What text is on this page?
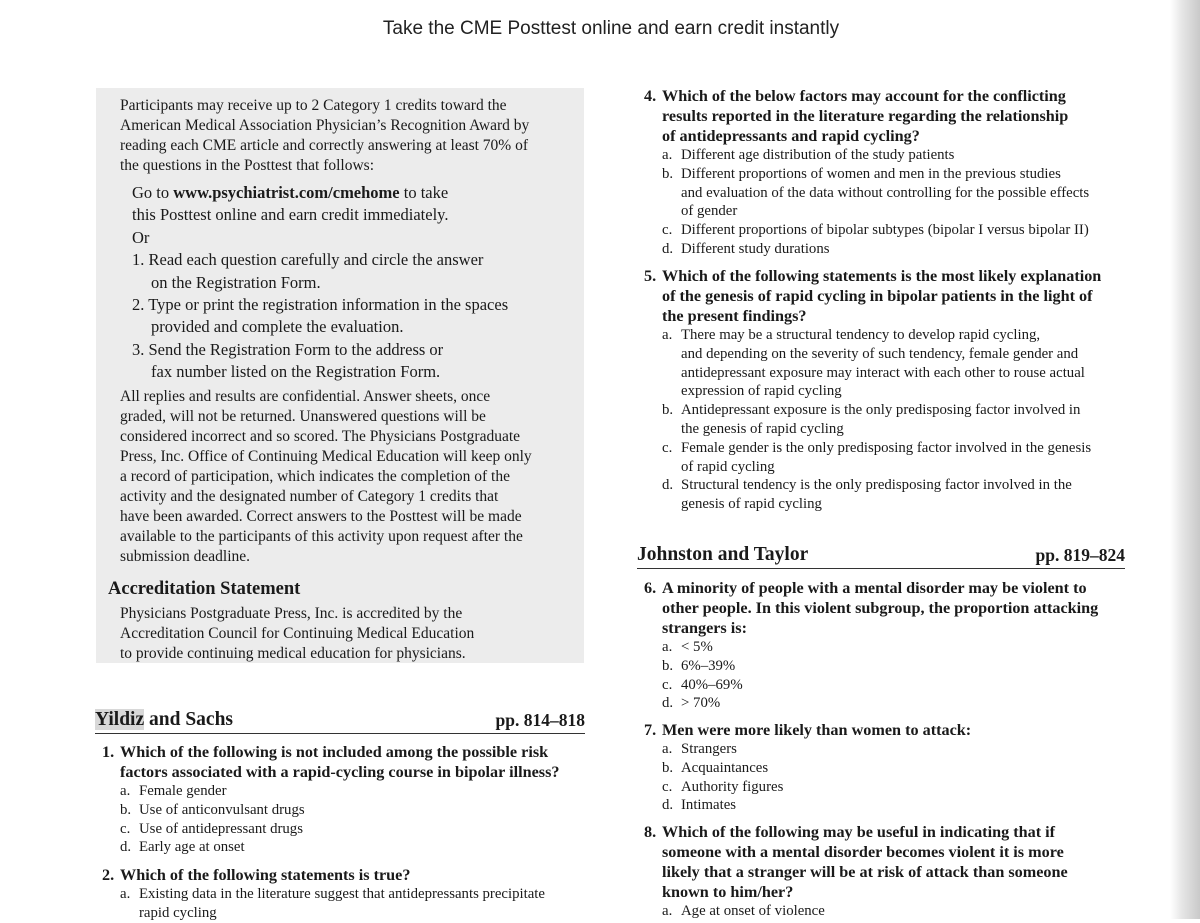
Take the CME Posttest online and earn credit instantly

Participants may receive up to 2 Category 1 credits toward the
American Medical Association Physician’s Recognition Award by
reading each CME article and correctly answering at least 70% of
the questions in the Posttest that follows:

Go to www.psychiatrist.com/cmehome to take
this Posttest online and earn credit immediately.
Or
1. Read each question carefully and circle the answer
on the Registration Form.
2. Type or print the registration information in the spaces
provided and complete the evaluation.
3. Send the Registration Form to the address or
fax number listed on the Registration Form.

All replies and results are confidential. Answer sheets, once
graded, will not be returned. Unanswered questions will be
considered incorrect and so scored. The Physicians Postgraduate
Press, Inc. Office of Continuing Medical Education will keep only
a record of participation, which indicates the completion of the
activity and the designated number of Category 1 credits that
have been awarded. Correct answers to the Posttest will be made
available to the participants of this activity upon request after the
submission deadline.

Accreditation Statement

Physicians Postgraduate Press, Inc. is accredited by the
Accreditation Council for Continuing Medical Education
to provide continuing medical education for physicians.

Yildiz and Sachs	pp. 814–818
1. Which of the following is not included among the possible risk
factors associated with a rapid-cycling course in bipolar illness?
a. Female gender
b. Use of anticonvulsant drugs
c. Use of antidepressant drugs
d. Early age at onset
2. Which of the following statements is true?
a. Existing data in the literature suggest that antidepressants precipitate
rapid cycling
4. Which of the below factors may account for the conflicting
results reported in the literature regarding the relationship
of antidepressants and rapid cycling?
a. Different age distribution of the study patients
b. Different proportions of women and men in the previous studies
and evaluation of the data without controlling for the possible effects
of gender
c. Different proportions of bipolar subtypes (bipolar I versus bipolar II)
d. Different study durations
5. Which of the following statements is the most likely explanation
of the genesis of rapid cycling in bipolar patients in the light of
the present findings?
a. There may be a structural tendency to develop rapid cycling,
and depending on the severity of such tendency, female gender and
antidepressant exposure may interact with each other to rouse actual
expression of rapid cycling
b. Antidepressant exposure is the only predisposing factor involved in
the genesis of rapid cycling
c. Female gender is the only predisposing factor involved in the genesis
of rapid cycling
d. Structural tendency is the only predisposing factor involved in the
genesis of rapid cycling
Johnston and Taylor	pp. 819–824
6. A minority of people with a mental disorder may be violent to
other people. In this violent subgroup, the proportion attacking
strangers is:
a. < 5%
b. 6%–39%
c. 40%–69%
d. > 70%
7. Men were more likely than women to attack:
a. Strangers
b. Acquaintances
c. Authority figures
d. Intimates
8. Which of the following may be useful in indicating that if
someone with a mental disorder becomes violent it is more
likely that a stranger will be at risk of attack than someone
known to him/her?
a. Age at onset of violence
